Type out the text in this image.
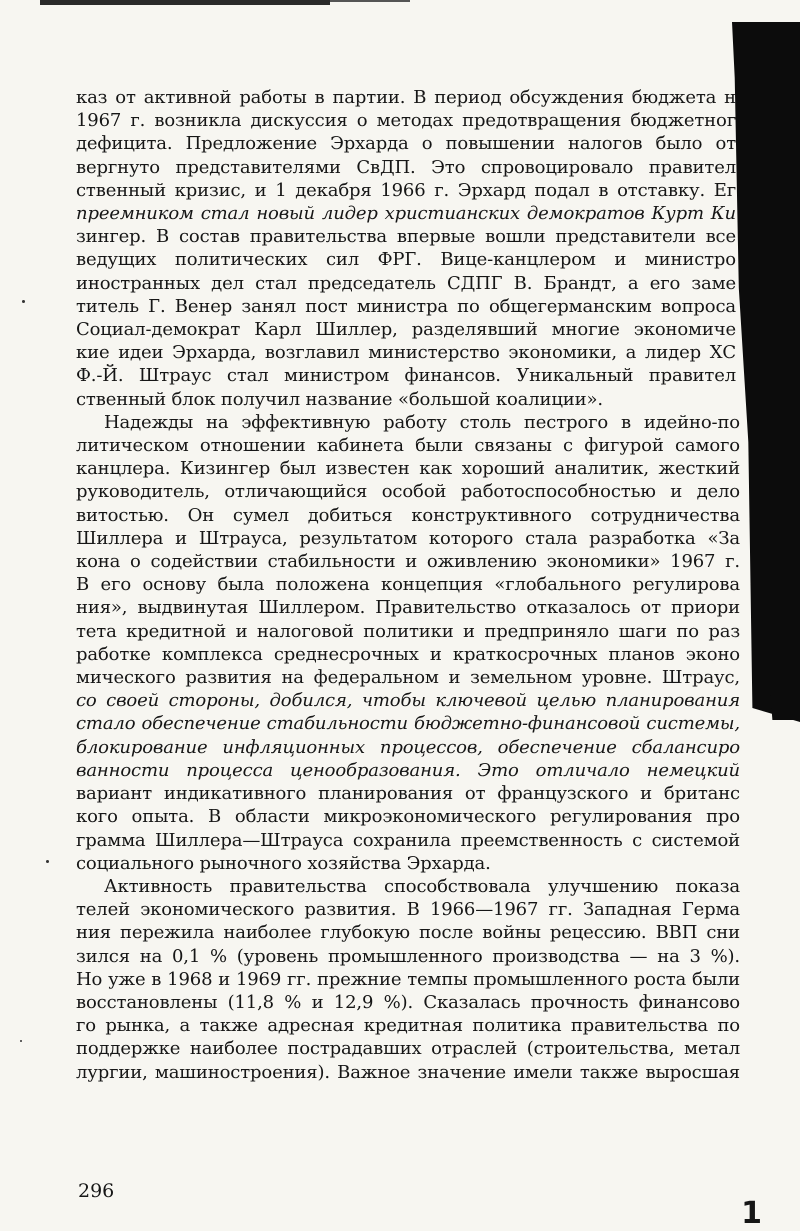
каз от активной работы в партии. В период обсуждения бюджета н
1967 г. возникла дискуссия о методах предотвращения бюджетног
дефицита. Предложение Эрхарда о повышении налогов было от
вергнуто представителями СвДП. Это спровоцировало правител
ственный кризис, и 1 декабря 1966 г. Эрхард подал в отставку. Ег
преемником стал новый лидер христианских демократов Курт Ки
зингер. В состав правительства впервые вошли представители все
ведущих политических сил ФРГ. Вице-канцлером и министро
иностранных дел стал председатель СДПГ В. Брандт, а его заме
титель Г. Венер занял пост министра по общегерманским вопроса
Социал-демократ Карл Шиллер, разделявший многие экономиче
кие идеи Эрхарда, возглавил министерство экономики, а лидер ХС
Ф.-Й. Штраус стал министром финансов. Уникальный правител
ственный блок получил название «большой коалиции».
Надежды на эффективную работу столь пестрого в идейно-по
литическом отношении кабинета были связаны с фигурой самого
канцлера. Кизингер был известен как хороший аналитик, жесткий
руководитель, отличающийся особой работоспособностью и дело
витостью. Он сумел добиться конструктивного сотрудничества
Шиллера и Штрауса, результатом которого стала разработка «За
кона о содействии стабильности и оживлению экономики» 1967 г.
В его основу была положена концепция «глобального регулирова
ния», выдвинутая Шиллером. Правительство отказалось от приори
тета кредитной и налоговой политики и предприняло шаги по раз
работке комплекса среднесрочных и краткосрочных планов эконо
мического развития на федеральном и земельном уровне. Штраус,
со своей стороны, добился, чтобы ключевой целью планирования
стало обеспечение стабильности бюджетно-финансовой системы,
блокирование инфляционных процессов, обеспечение сбалансиро
ванности процесса ценообразования. Это отличало немецкий
вариант индикативного планирования от французского и британс
кого опыта. В области микроэкономического регулирования про
грамма Шиллера—Штрауса сохранила преемственность с системой
социального рыночного хозяйства Эрхарда.
Активность правительства способствовала улучшению показа
телей экономического развития. В 1966—1967 гг. Западная Герма
ния пережила наиболее глубокую после войны рецессию. ВВП сни
зился на 0,1 % (уровень промышленного производства — на 3 %).
Но уже в 1968 и 1969 гг. прежние темпы промышленного роста были
восстановлены (11,8 % и 12,9 %). Сказалась прочность финансово
го рынка, а также адресная кредитная политика правительства по
поддержке наиболее пострадавших отраслей (строительства, метал
лургии, машиностроения). Важное значение имели также выросшая
296
1
